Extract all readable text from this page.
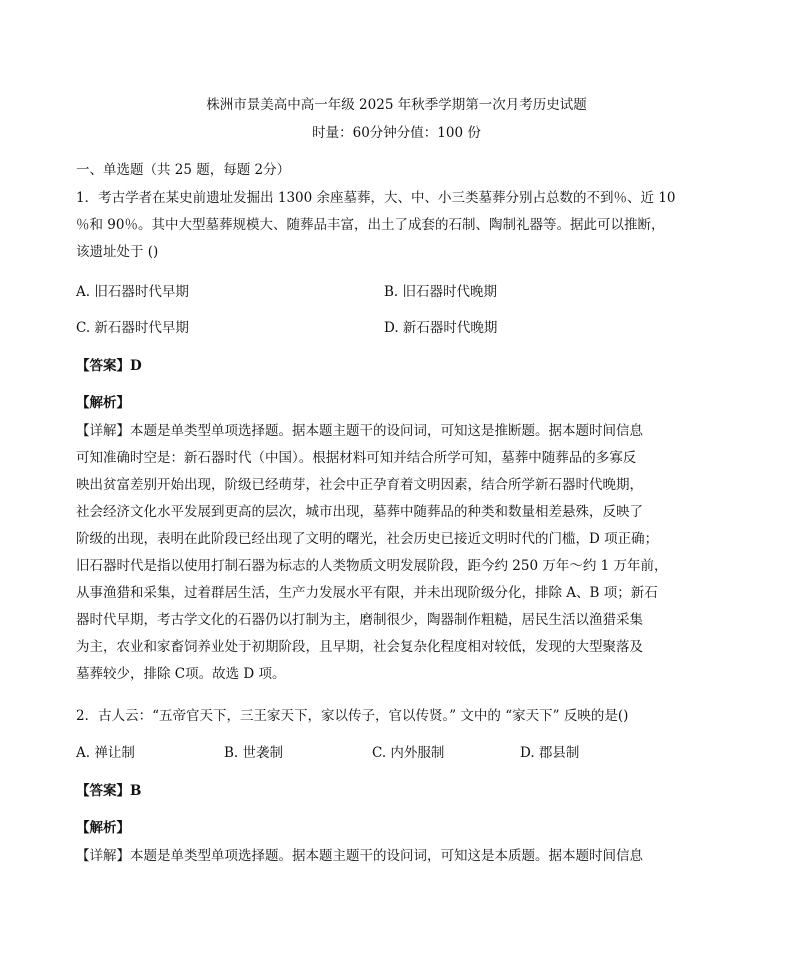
株洲市景美高中高一年级 2025 年秋季学期第一次月考历史试题
时量：60分钟分值：100 份
一、单选题（共 25 题，每题 2分）
1．考古学者在某史前遗址发掘出 1300 余座墓葬，大、中、小三类墓葬分别占总数的不到％、近 10
％和 90％。其中大型墓葬规模大、随葬品丰富，出土了成套的石制、陶制礼器等。据此可以推断，
该遗址处于 ()
A. 旧石器时代早期	B. 旧石器时代晚期
C. 新石器时代早期	D. 新石器时代晚期
【答案】D
【解析】
【详解】本题是单类型单项选择题。据本题主题干的设问词，可知这是推断题。据本题时间信息
可知准确时空是：新石器时代（中国）。根据材料可知并结合所学可知，墓葬中随葬品的多寡反
映出贫富差别开始出现，阶级已经萌芽，社会中正孕育着文明因素，结合所学新石器时代晚期，
社会经济文化水平发展到更高的层次，城市出现，墓葬中随葬品的种类和数量相差悬殊，反映了
阶级的出现，表明在此阶段已经出现了文明的曙光，社会历史已接近文明时代的门槛，D 项正确；
旧石器时代是指以使用打制石器为标志的人类物质文明发展阶段，距今约 250 万年～约 1 万年前，
从事渔猎和采集，过着群居生活，生产力发展水平有限，并未出现阶级分化，排除 A、B 项；新石
器时代早期，考古学文化的石器仍以打制为主，磨制很少，陶器制作粗糙，居民生活以渔猎采集
为主，农业和家畜饲养业处于初期阶段，且早期，社会复杂化程度相对较低，发现的大型聚落及
墓葬较少，排除 C项。故选 D 项。
2．古人云：“五帝官天下，三王家天下，家以传子，官以传贤。” 文中的 “家天下” 反映的是()
A. 禅让制	B. 世袭制	C. 内外服制	D. 郡县制
【答案】B
【解析】
【详解】本题是单类型单项选择题。据本题主题干的设问词，可知这是本质题。据本题时间信息
